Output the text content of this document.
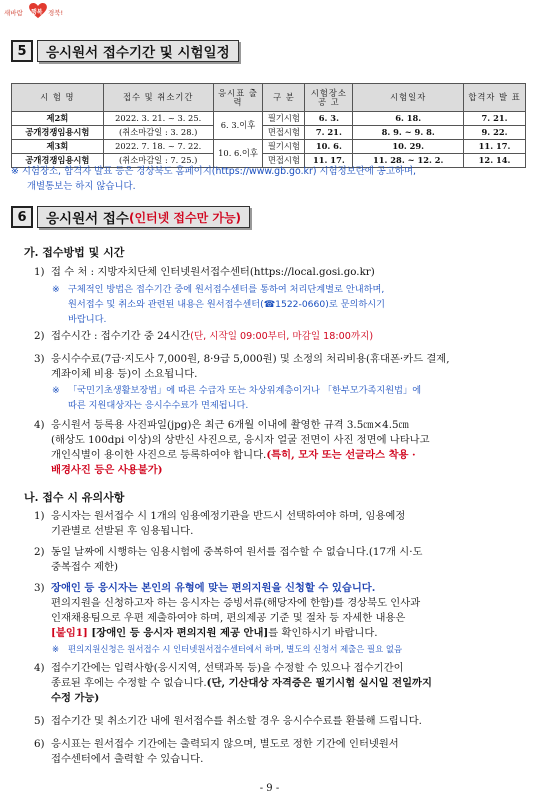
새바람 행복 경북!
5	응시원서 접수기간 및 시험일정
시 험 명	접수 및 취소기간	응시표 출 력	구 분	시험장소 공 고	시험일자	합격자 발 표
제2회	2022. 3. 21. ~ 3. 25.	6. 3.이후	필기시험	6. 3.	6. 18.	7. 21.
공개경쟁임용시험	(취소마감일 : 3. 28.)		면접시험	7. 21.	8. 9. ~ 9. 8.	9. 22.
제3회	2022. 7. 18. ~ 7. 22.	10. 6.이후	필기시험	10. 6.	10. 29.	11. 17.
공개경쟁임용시험	(취소마감일 : 7. 25.)		면접시험	11. 17.	11. 28. ~ 12. 2.	12. 14.
※ 시험장소, 합격자 발표 등은 경상북도 홈페이지(https://www.gb.go.kr) 시험정보란에 공고하며,
개별통보는 하지 않습니다.
6	응시원서 접수 (인터넷 접수만 가능)
가. 접수방법 및 시간
1) 접 수 처 : 지방자치단체 인터넷원서접수센터(https://local.gosi.go.kr)
※ 구체적인 방법은 접수기간 중에 원서접수센터를 통하여 처리단계별로 안내하며,
원서접수 및 취소와 관련된 내용은 원서접수센터(☎1522-0660)로 문의하시기
바랍니다.
2) 접수시간 : 접수기간 중 24시간(단, 시작일 09:00부터, 마감일 18:00까지)
3) 응시수수료(7급·지도사 7,000원, 8·9급 5,000원) 및 소정의 처리비용(휴대폰·카드 결제,
계좌이체 비용 등)이 소요됩니다.
※ 「국민기초생활보장법」에 따른 수급자 또는 차상위계층이거나 「한부모가족지원법」에
따른 지원대상자는 응시수수료가 면제됩니다.
4) 응시원서 등록용 사진파일(jpg)은 최근 6개월 이내에 촬영한 규격 3.5㎝×4.5㎝
(해상도 100dpi 이상)의 상반신 사진으로, 응시자 얼굴 전면이 사진 정면에 나타나고
개인식별이 용이한 사진으로 등록하여야 합니다.(특히, 모자 또는 선글라스 착용 ·
배경사진 등은 사용불가)
나. 접수 시 유의사항
1) 응시자는 원서접수 시 1개의 임용예정기관을 반드시 선택하여야 하며, 임용예정
기관별로 선발된 후 임용됩니다.
2) 동일 날짜에 시행하는 임용시험에 중복하여 원서를 접수할 수 없습니다.(17개 시·도
중복접수 제한)
3) 장애인 등 응시자는 본인의 유형에 맞는 편의지원을 신청할 수 있습니다.
편의지원을 신청하고자 하는 응시자는 증빙서류(해당자에 한함)를 경상북도 인사과
인재채용팀으로 우편 제출하여야 하며, 편의제공 기준 및 절차 등 자세한 내용은
[붙임1] [장애인 등 응시자 편의지원 제공 안내]를 확인하시기 바랍니다.
※ 편의지원신청은 원서접수 시 인터넷원서접수센터에서 하며, 별도의 신청서 제출은 필요 없음
4) 접수기간에는 입력사항(응시지역, 선택과목 등)을 수정할 수 있으나 접수기간이
종료된 후에는 수정할 수 없습니다.(단, 기산대상 자격증은 필기시험 실시일 전일까지
수정 가능)
5) 접수기간 및 취소기간 내에 원서접수를 취소할 경우 응시수수료를 환불해 드립니다.
6) 응시표는 원서접수 기간에는 출력되지 않으며, 별도로 정한 기간에 인터넷원서
접수센터에서 출력할 수 있습니다.
- 9 -
